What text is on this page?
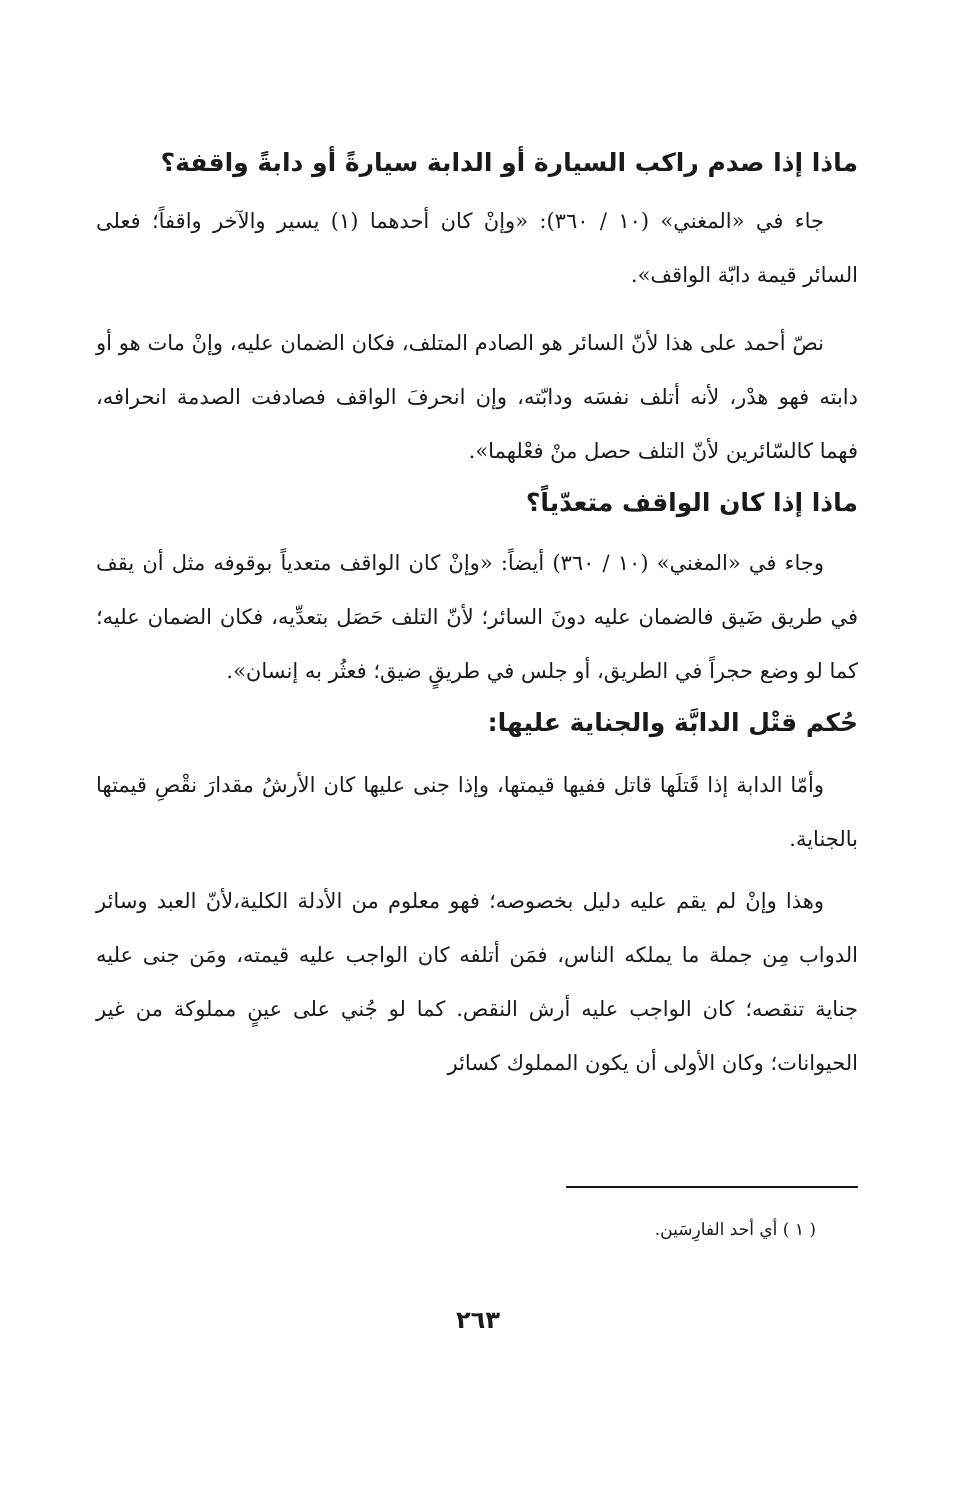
ماذا إذا صدم راكب السيارة أو الدابة سيارةً أو دابةً واقفة؟

جاء في «المغني» (١٠ / ٣٦٠): «وإنْ كان أحدهما (١) يسير والآخر واقفاً؛ فعلى السائر قيمة دابّة الواقف».

نصّ أحمد على هذا لأنّ السائر هو الصادم المتلف، فكان الضمان عليه، وإنْ مات هو أو دابته فهو هدْر، لأنه أتلف نفسَه ودابّته، وإن انحرفَ الواقف فصادفت الصدمة انحرافه، فهما كالسّائرين لأنّ التلف حصل منْ فعْلهما».

ماذا إذا كان الواقف متعدّياً؟

وجاء في «المغني» (١٠ / ٣٦٠) أيضاً: «وإنْ كان الواقف متعدياً بوقوفه مثل أن يقف في طريق ضَيق فالضمان عليه دونَ السائر؛ لأنّ التلف حَصَل بتعدِّيه، فكان الضمان عليه؛ كما لو وضع حجراً في الطريق، أو جلس في طريقٍ ضيق؛ فعثُر به إنسان».

حُكم قتْل الدابَّة والجناية عليها:

وأمّا الدابة إذا قَتلَها قاتل ففيها قيمتها، وإذا جنى عليها كان الأرشُ مقدارَ نقْصِ قيمتها بالجناية.

وهذا وإنْ لم يقم عليه دليل بخصوصه؛ فهو معلوم من الأدلة الكلية،لأنّ العبد وسائر الدواب مِن جملة ما يملكه الناس، فمَن أتلفه كان الواجب عليه قيمته، ومَن جنى عليه جناية تنقصه؛ كان الواجب عليه أرش النقص. كما لو جُني على عينٍ مملوكة من غير الحيوانات؛ وكان الأولى أن يكون المملوك كسائر

( ١ ) أي أحد الفارِسَين.

٢٦٣
